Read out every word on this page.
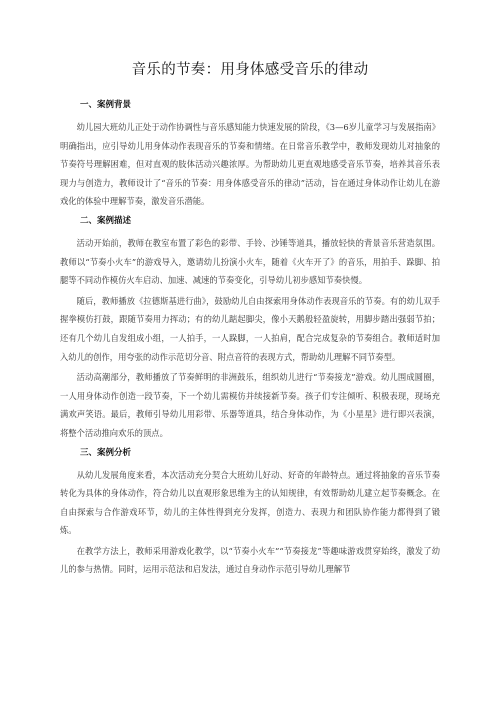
音乐的节奏：用身体感受音乐的律动
一、案例背景
幼儿园大班幼儿正处于动作协调性与音乐感知能力快速发展的阶段，《3—6岁儿童学习与发展指南》明确指出，应引导幼儿用身体动作表现音乐的节奏和情绪。在日常音乐教学中，教师发现幼儿对抽象的节奏符号理解困难，但对直观的肢体活动兴趣浓厚。为帮助幼儿更直观地感受音乐节奏，培养其音乐表现力与创造力，教师设计了“音乐的节奏：用身体感受音乐的律动”活动，旨在通过身体动作让幼儿在游戏化的体验中理解节奏，激发音乐潜能。
二、案例描述
活动开始前，教师在教室布置了彩色的彩带、手铃、沙锤等道具，播放轻快的背景音乐营造氛围。教师以“节奏小火车”的游戏导入，邀请幼儿扮演小火车，随着《火车开了》的音乐，用拍手、跺脚、拍腿等不同动作模仿火车启动、加速、减速的节奏变化，引导幼儿初步感知节奏快慢。
随后，教师播放《拉德斯基进行曲》，鼓励幼儿自由探索用身体动作表现音乐的节奏。有的幼儿双手握拳模仿打鼓，跟随节奏用力挥动；有的幼儿踮起脚尖，像小天鹅般轻盈旋转，用脚步踏出强弱节拍；还有几个幼儿自发组成小组，一人拍手，一人跺脚，一人拍肩，配合完成复杂的节奏组合。教师适时加入幼儿的创作，用夸张的动作示范切分音、附点音符的表现方式，帮助幼儿理解不同节奏型。
活动高潮部分，教师播放了节奏鲜明的非洲鼓乐，组织幼儿进行“节奏接龙”游戏。幼儿围成圆圈，一人用身体动作创造一段节奏，下一个幼儿需模仿并续接新节奏。孩子们专注倾听、积极表现，现场充满欢声笑语。最后，教师引导幼儿用彩带、乐器等道具，结合身体动作，为《小星星》进行即兴表演，将整个活动推向欢乐的顶点。
三、案例分析
从幼儿发展角度来看，本次活动充分契合大班幼儿好动、好奇的年龄特点。通过将抽象的音乐节奏转化为具体的身体动作，符合幼儿以直观形象思维为主的认知规律，有效帮助幼儿建立起节奏概念。在自由探索与合作游戏环节，幼儿的主体性得到充分发挥，创造力、表现力和团队协作能力都得到了锻炼。
在教学方法上，教师采用游戏化教学，以“节奏小火车”“节奏接龙”等趣味游戏贯穿始终，激发了幼儿的参与热情。同时，运用示范法和启发法，通过自身动作示范引导幼儿理解节
